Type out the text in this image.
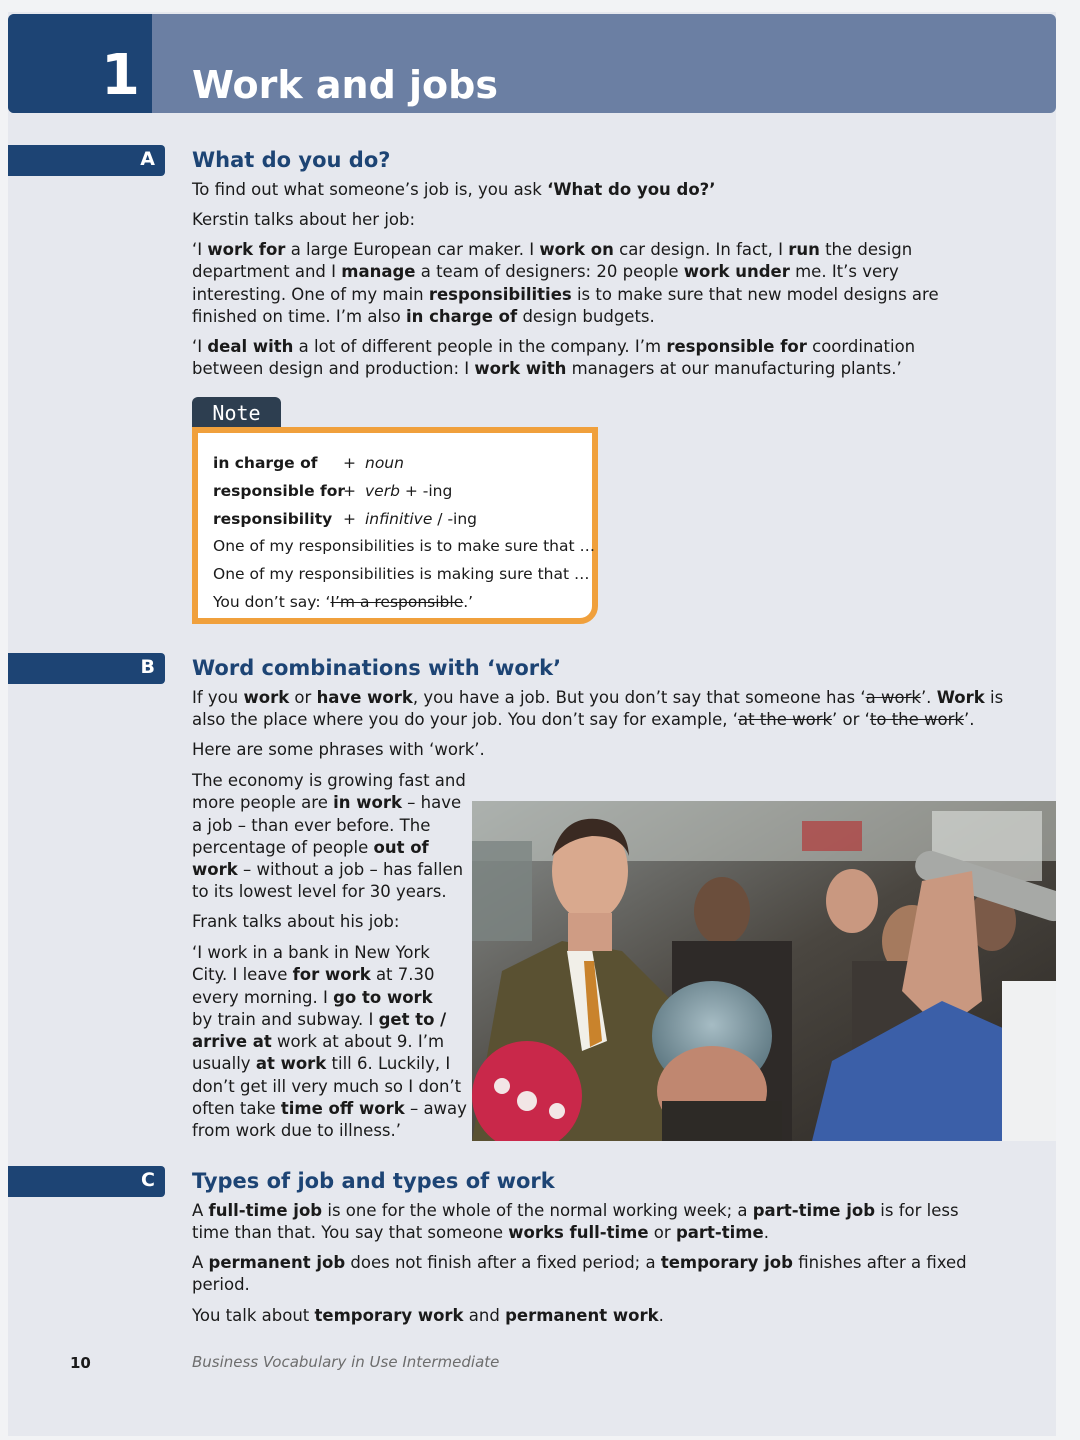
1 Work and jobs
A What do you do?
To find out what someone’s job is, you ask ‘What do you do?’
Kerstin talks about her job:
‘I work for a large European car maker. I work on car design. In fact, I run the design
department and I manage a team of designers: 20 people work under me. It’s very
interesting. One of my main responsibilities is to make sure that new model designs are
finished on time. I’m also in charge of design budgets.
‘I deal with a lot of different people in the company. I’m responsible for coordination
between design and production: I work with managers at our manufacturing plants.’
Note
in charge of + noun
responsible for
+ verb + -ing
responsibility + infinitive / -ing
One of my responsibilities is to make sure that …
One of my responsibilities is making sure that …
You don’t say: ‘I’m a responsible.’
B Word combinations with ‘work’
If you work or have work, you have a job. But you don’t say that someone has ‘a work’. Work is
also the place where you do your job. You don’t say for example, ‘at the work’ or ‘to the work’.
Here are some phrases with ‘work’.
The economy is growing fast and
more people are in work – have
a job – than ever before. The
percentage of people out of
work – without a job – has fallen
to its lowest level for 30 years.
Frank talks about his job:
‘I work in a bank in New York
City. I leave for work at 7.30
every morning. I go to work
by train and subway. I get to /
arrive at work at about 9. I’m
usually at work till 6. Luckily, I
don’t get ill very much so I don’t
often take time off work – away
from work due to illness.’
C Types of job and types of work
A full-time job is one for the whole of the normal working week; a part-time job is for less
time than that. You say that someone works full-time or part-time.
A permanent job does not finish after a fixed period; a temporary job finishes after a fixed
period.
You talk about temporary work and permanent work.
10	Business Vocabulary in Use Intermediate
